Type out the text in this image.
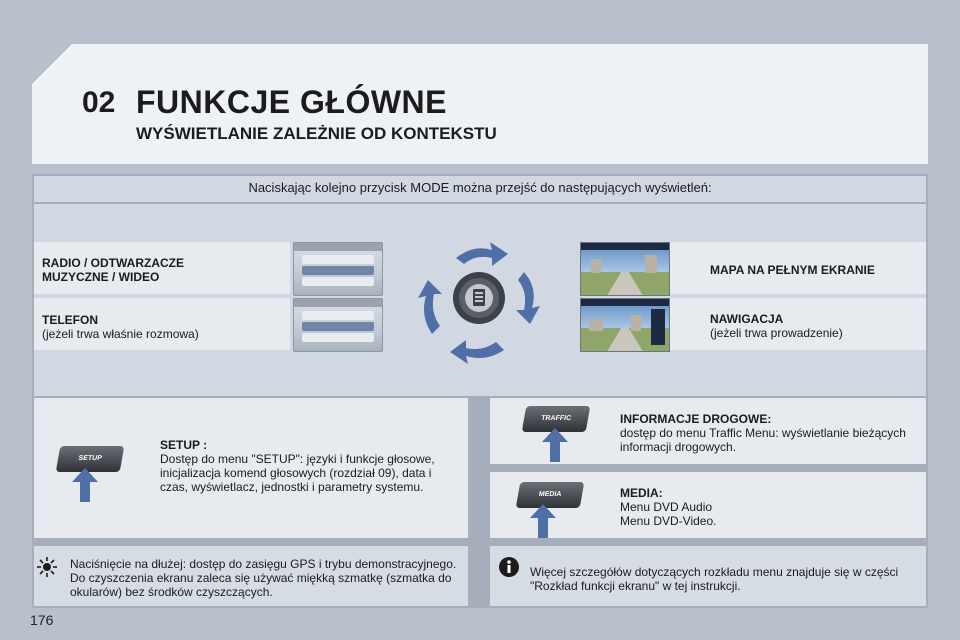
02 FUNKCJE GŁÓWNE
WYŚWIETLANIE ZALEŻNIE OD KONTEKSTU
Naciskając kolejno przycisk MODE można przejść do następujących wyświetleń:
RADIO / ODTWARZACZE
MUZYCZNE / WIDEO
TELEFON
(jeżeli trwa właśnie rozmowa)
MAPA NA PEŁNYM EKRANIE
NAWIGACJA
(jeżeli trwa prowadzenie)
SETUP
SETUP :
Dostęp do menu "SETUP": języki i funkcje głosowe, inicjalizacja komend głosowych (rozdział 09), data i czas, wyświetlacz, jednostki i parametry systemu.
TRAFFIC	INFORMACJE DROGOWE:
dostęp do menu Traffic Menu: wyświetlanie bieżących informacji drogowych.
MEDIA	MEDIA:
Menu DVD Audio
Menu DVD-Video.
Naciśnięcie na dłużej: dostęp do zasięgu GPS i trybu demonstracyjnego. Do czyszczenia ekranu zaleca się używać miękką szmatkę (szmatka do okularów) bez środków czyszczących.
Więcej szczegółów dotyczących rozkładu menu znajduje się w części "Rozkład funkcji ekranu" w tej instrukcji.
176
